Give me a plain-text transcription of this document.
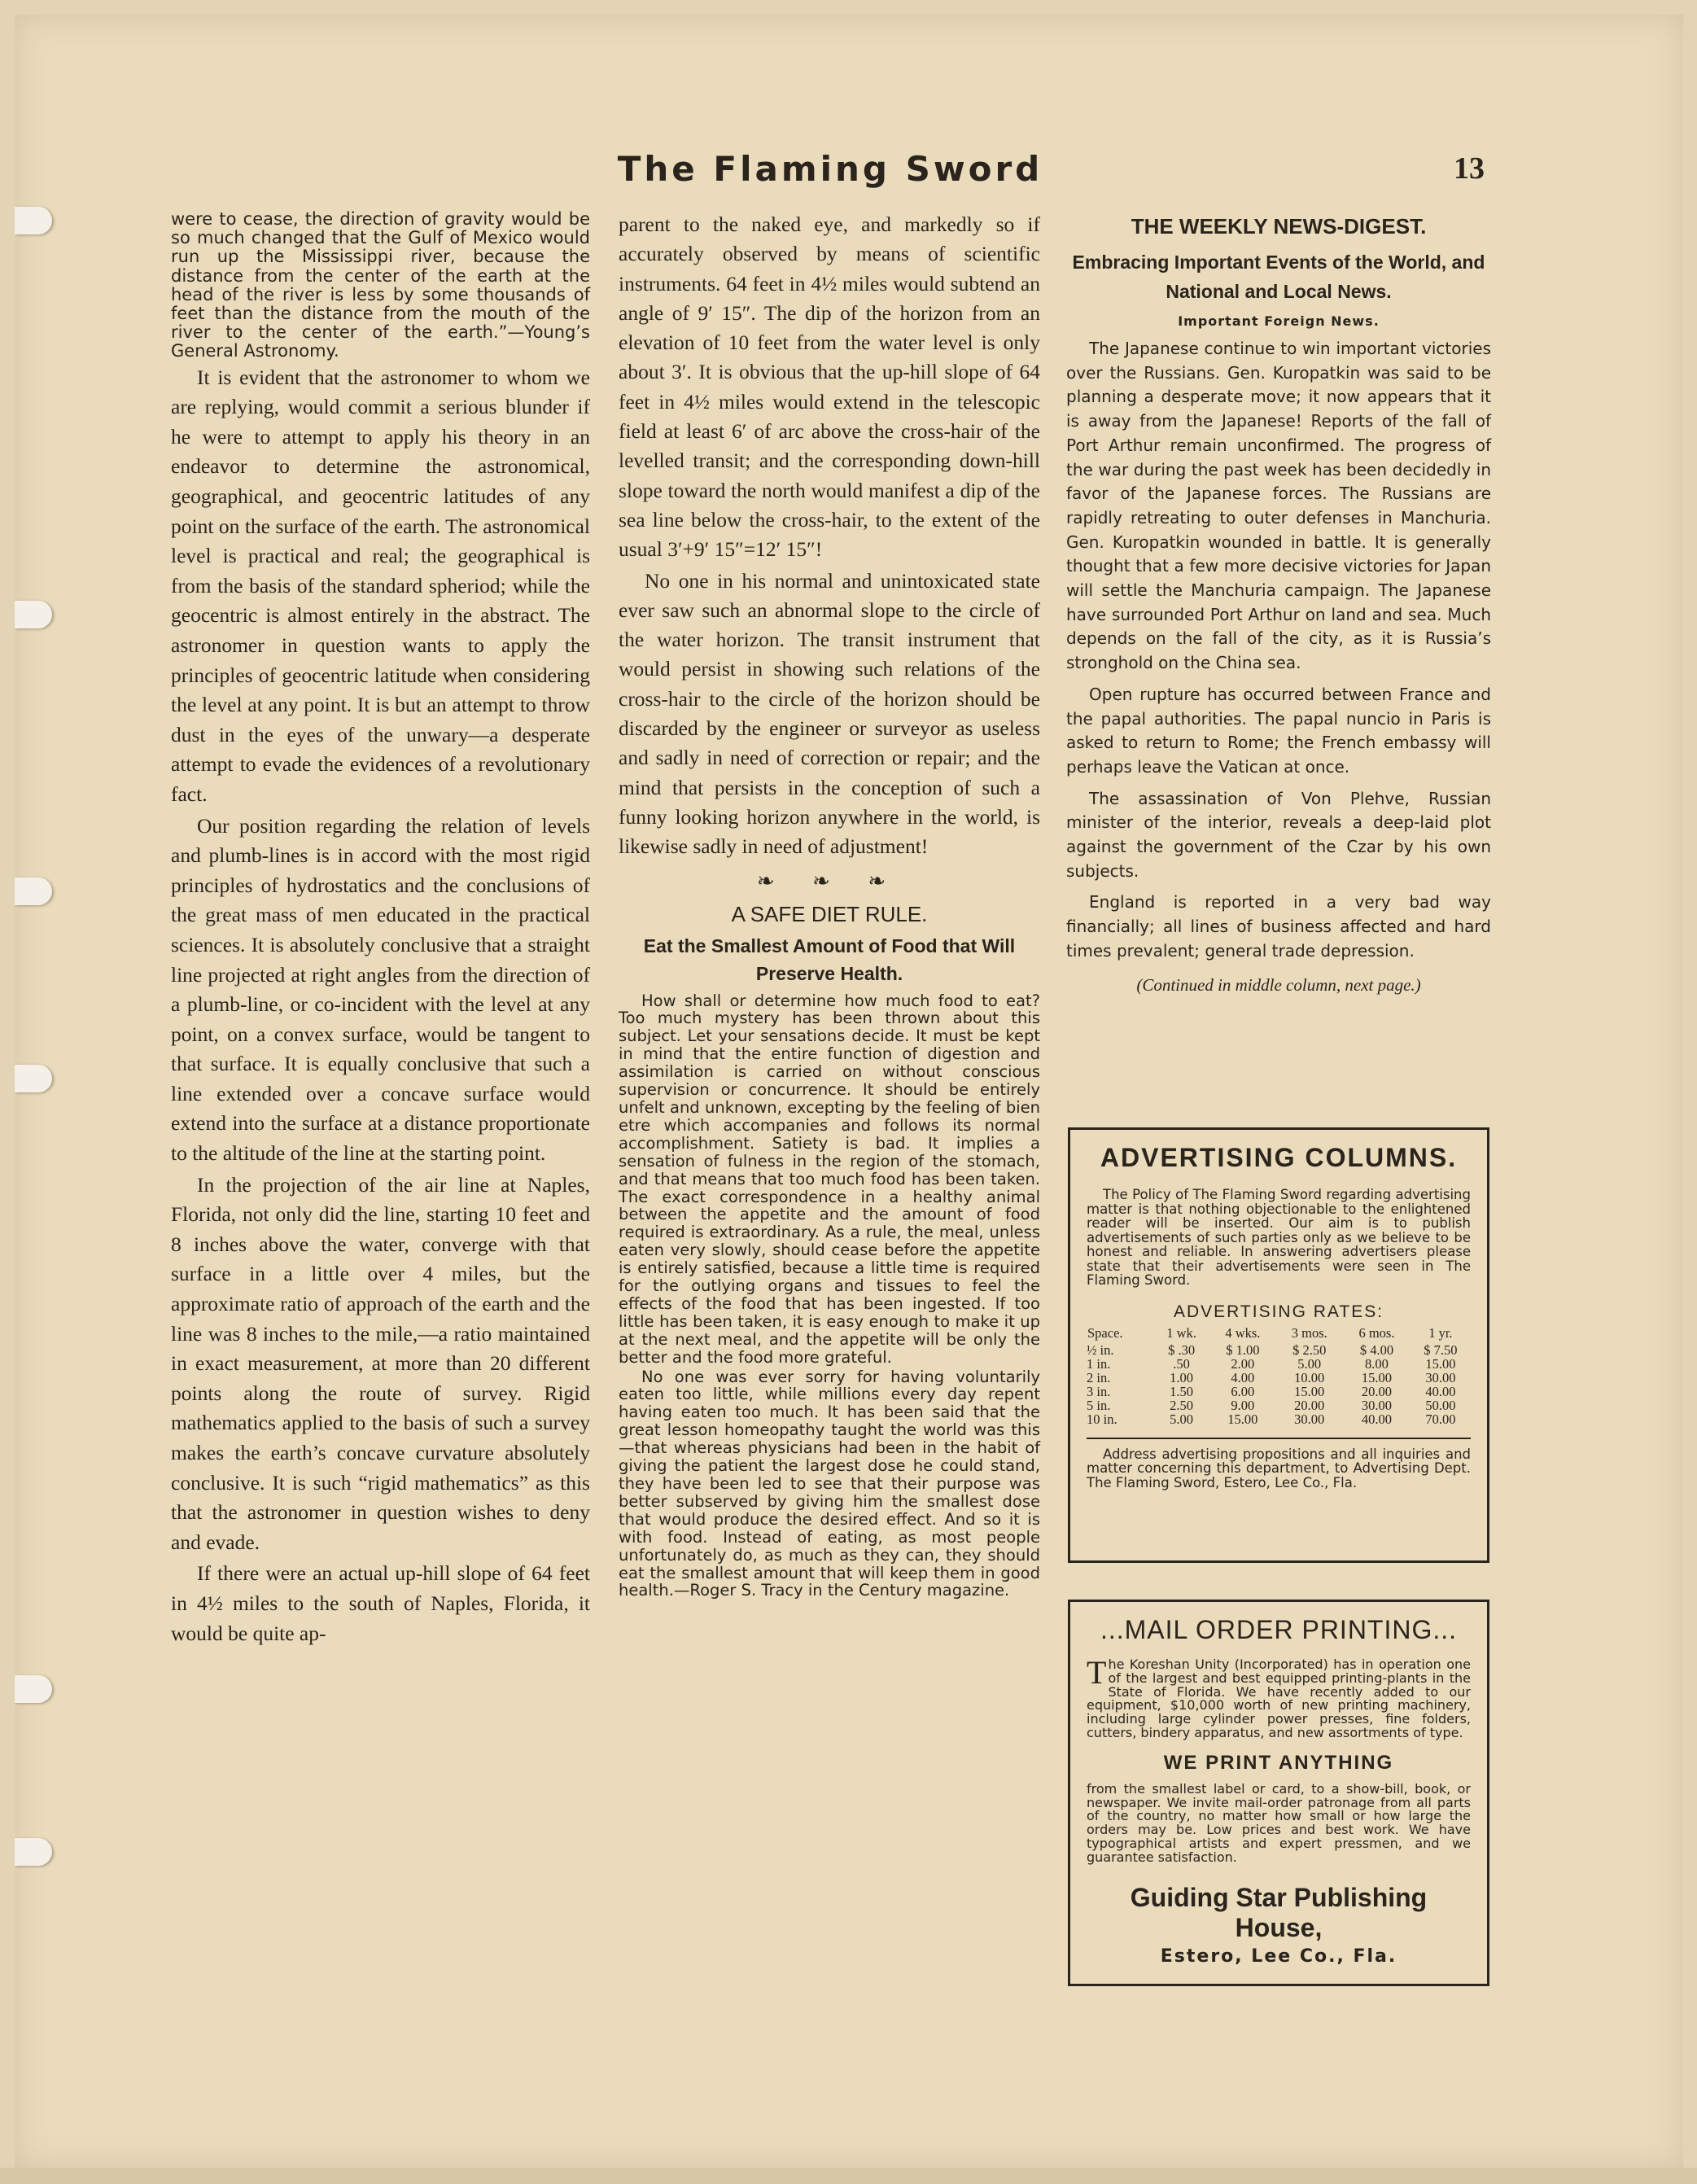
The Flaming Sword	13

were to cease, the direction of gravity would be so much changed that the Gulf of Mexico would run up the Mississippi river, because the distance from the center of the earth at the head of the river is less by some thousands of feet than the distance from the mouth of the river to the center of the earth.”—Young’s General Astronomy.

It is evident that the astronomer to whom we are replying, would commit a serious blunder if he were to attempt to apply his theory in an endeavor to determine the astronomical, geographical, and geocentric latitudes of any point on the surface of the earth. The astronomical level is practical and real; the geographical is from the basis of the standard spheriod; while the geocentric is almost entirely in the abstract. The astronomer in question wants to apply the principles of geocentric latitude when considering the level at any point. It is but an attempt to throw dust in the eyes of the unwary—a desperate attempt to evade the evidences of a revolutionary fact.

Our position regarding the relation of levels and plumb-lines is in accord with the most rigid principles of hydrostatics and the conclusions of the great mass of men educated in the practical sciences. It is absolutely conclusive that a straight line projected at right angles from the direction of a plumb-line, or co-incident with the level at any point, on a convex surface, would be tangent to that surface. It is equally conclusive that such a line extended over a concave surface would extend into the surface at a distance proportionate to the altitude of the line at the starting point.

In the projection of the air line at Naples, Florida, not only did the line, starting 10 feet and 8 inches above the water, converge with that surface in a little over 4 miles, but the approximate ratio of approach of the earth and the line was 8 inches to the mile,—a ratio maintained in exact measurement, at more than 20 different points along the route of survey. Rigid mathematics applied to the basis of such a survey makes the earth’s concave curvature absolutely conclusive. It is such “rigid mathematics” as this that the astronomer in question wishes to deny and evade.

If there were an actual up-hill slope of 64 feet in 4½ miles to the south of Naples, Florida, it would be quite ap-

parent to the naked eye, and markedly so if accurately observed by means of scientific instruments. 64 feet in 4½ miles would subtend an angle of 9′ 15″. The dip of the horizon from an elevation of 10 feet from the water level is only about 3′. It is obvious that the up-hill slope of 64 feet in 4½ miles would extend in the telescopic field at least 6′ of arc above the cross-hair of the levelled transit; and the corresponding down-hill slope toward the north would manifest a dip of the sea line below the cross-hair, to the extent of the usual 3′+9′ 15″=12′ 15″!

No one in his normal and unintoxicated state ever saw such an abnormal slope to the circle of the water horizon. The transit instrument that would persist in showing such relations of the cross-hair to the circle of the horizon should be discarded by the engineer or surveyor as useless and sadly in need of correction or repair; and the mind that persists in the conception of such a funny looking horizon anywhere in the world, is likewise sadly in need of adjustment!

❧ ❧ ❧
A SAFE DIET RULE.
Eat the Smallest Amount of Food that Will Preserve Health.

How shall or determine how much food to eat? Too much mystery has been thrown about this subject. Let your sensations decide. It must be kept in mind that the entire function of digestion and assimilation is carried on without conscious supervision or concurrence. It should be entirely unfelt and unknown, excepting by the feeling of bien etre which accompanies and follows its normal accomplishment. Satiety is bad. It implies a sensation of fulness in the region of the stomach, and that means that too much food has been taken. The exact correspondence in a healthy animal between the appetite and the amount of food required is extraordinary. As a rule, the meal, unless eaten very slowly, should cease before the appetite is entirely satisfied, because a little time is required for the outlying organs and tissues to feel the effects of the food that has been ingested. If too little has been taken, it is easy enough to make it up at the next meal, and the appetite will be only the better and the food more grateful.

No one was ever sorry for having voluntarily eaten too little, while millions every day repent having eaten too much. It has been said that the great lesson homeopathy taught the world was this—that whereas physicians had been in the habit of giving the patient the largest dose he could stand, they have been led to see that their purpose was better subserved by giving him the smallest dose that would produce the desired effect. And so it is with food. Instead of eating, as most people unfortunately do, as much as they can, they should eat the smallest amount that will keep them in good health.—Roger S. Tracy in the Century magazine.

THE WEEKLY NEWS-DIGEST.
Embracing Important Events of the World, and National and Local News.
Important Foreign News.

The Japanese continue to win important victories over the Russians. Gen. Kuropatkin was said to be planning a desperate move; it now appears that it is away from the Japanese! Reports of the fall of Port Arthur remain unconfirmed. The progress of the war during the past week has been decidedly in favor of the Japanese forces. The Russians are rapidly retreating to outer defenses in Manchuria. Gen. Kuropatkin wounded in battle. It is generally thought that a few more decisive victories for Japan will settle the Manchuria campaign. The Japanese have surrounded Port Arthur on land and sea. Much depends on the fall of the city, as it is Russia’s stronghold on the China sea.

Open rupture has occurred between France and the papal authorities. The papal nuncio in Paris is asked to return to Rome; the French embassy will perhaps leave the Vatican at once.

The assassination of Von Plehve, Russian minister of the interior, reveals a deep-laid plot against the government of the Czar by his own subjects.

England is reported in a very bad way financially; all lines of business affected and hard times prevalent; general trade depression.

(Continued in middle column, next page.)
ADVERTISING COLUMNS.

The Policy of The Flaming Sword regarding advertising matter is that nothing objectionable to the enlightened reader will be inserted. Our aim is to publish advertisements of such parties only as we believe to be honest and reliable. In answering advertisers please state that their advertisements were seen in The Flaming Sword.

ADVERTISING RATES:
Space.	1 wk.	4 wks.	3 mos.	6 mos.	1 yr.
½ in.	$ .30	$ 1.00	$ 2.50	$ 4.00	$ 7.50
1 in.	.50	2.00	5.00	8.00	15.00
2 in.	1.00	4.00	10.00	15.00	30.00
3 in.	1.50	6.00	15.00	20.00	40.00
5 in.	2.50	9.00	20.00	30.00	50.00
10 in.	5.00	15.00	30.00	40.00	70.00

Address advertising propositions and all inquiries and matter concerning this department, to Advertising Dept. The Flaming Sword, Estero, Lee Co., Fla.

...MAIL ORDER PRINTING...

The Koreshan Unity (Incorporated) has in operation one of the largest and best equipped printing-plants in the State of Florida. We have recently added to our equipment, $10,000 worth of new printing machinery, including large cylinder power presses, fine folders, cutters, bindery apparatus, and new assortments of type.

WE PRINT ANYTHING

from the smallest label or card, to a show-bill, book, or newspaper. We invite mail-order patronage from all parts of the country, no matter how small or how large the orders may be. Low prices and best work. We have typographical artists and expert pressmen, and we guarantee satisfaction.

Guiding Star Publishing House,
Estero, Lee Co., Fla.
